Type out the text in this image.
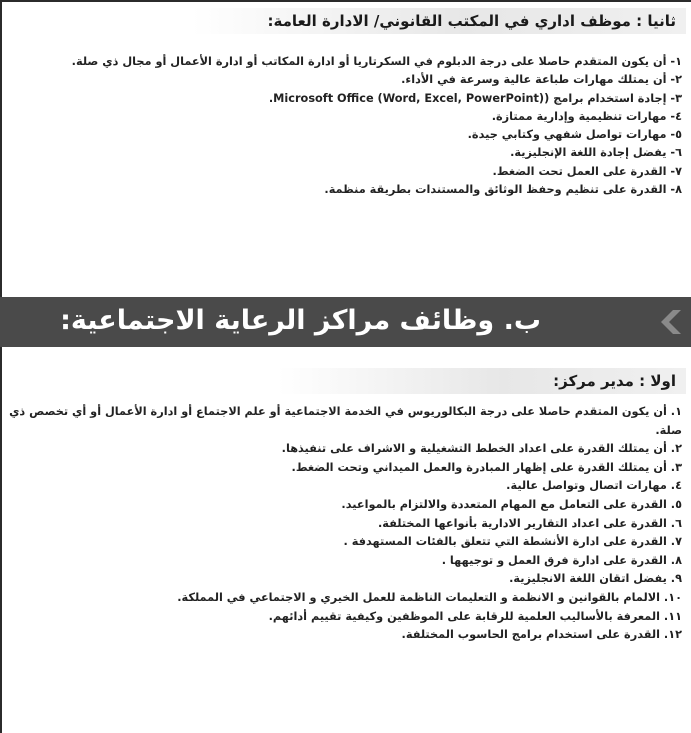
ثانيا : موظف اداري في المكتب القانوني/ الادارة العامة:
١- أن يكون المتقدم حاصلا على درجة الدبلوم في السكرتاريا أو ادارة المكاتب أو ادارة الأعمال أو مجال ذي صلة.
٢- أن يمتلك مهارات طباعة عالية وسرعة في الأداء.
٣- إجادة استخدام برامج (Microsoft Office (Word, Excel, PowerPoint).
٤- مهارات تنظيمية وإدارية ممتازة.
٥- مهارات تواصل شفهي وكتابي جيدة.
٦- يفضل إجادة اللغة الإنجليزية.
٧- القدرة على العمل تحت الضغط.
٨- القدرة على تنظيم وحفظ الوثائق والمستندات بطريقة منظمة.
ب. وظائف مراكز الرعاية الاجتماعية:
اولا : مدير مركز:
١. أن يكون المتقدم حاصلا على درجة البكالوريوس في الخدمة الاجتماعية أو علم الاجتماع أو ادارة الأعمال أو أي تخصص ذي صلة.
٢. أن يمتلك القدرة على اعداد الخطط التشغيلية و الاشراف على تنفيذها.
٣. أن يمتلك القدرة على إظهار المبادرة والعمل الميداني وتحت الضغط.
٤. مهارات اتصال وتواصل عالية.
٥. القدرة على التعامل مع المهام المتعددة والالتزام بالمواعيد.
٦. القدرة على اعداد التقارير الادارية بأنواعها المختلفة.
٧. القدرة على ادارة الأنشطة التي تتعلق بالفئات المستهدفة .
٨. القدرة على ادارة فرق العمل و توجيهها .
٩. يفضل اتقان اللغة الانجليزية.
١٠. الالمام بالقوانين و الانظمة و التعليمات الناظمة للعمل الخيري و الاجتماعي في المملكة.
١١. المعرفة بالأساليب العلمية للرقابة على الموظفين وكيفية تقييم أدائهم.
١٢. القدرة على استخدام برامج الحاسوب المختلفة.
